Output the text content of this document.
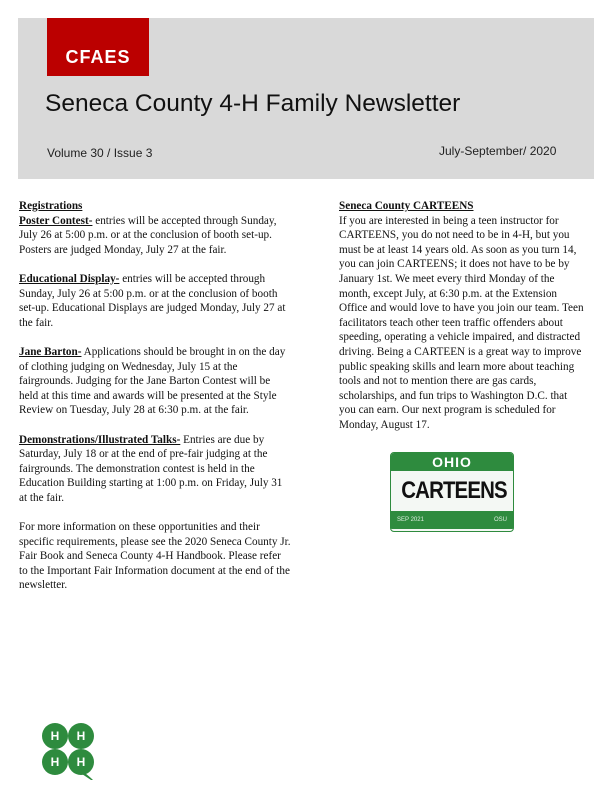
CFAES
Seneca County 4-H Family Newsletter
Volume 30 / Issue 3	July-September/ 2020
Registrations
Poster Contest- entries will be accepted through Sunday, July 26 at 5:00 p.m. or at the conclusion of booth set-up. Posters are judged Monday, July 27 at the fair.
Educational Display- entries will be accepted through Sunday, July 26 at 5:00 p.m. or at the conclusion of booth set-up. Educational Displays are judged Monday, July 27 at the fair.
Jane Barton- Applications should be brought in on the day of clothing judging on Wednesday, July 15 at the fairgrounds. Judging for the Jane Barton Contest will be held at this time and awards will be presented at the Style Review on Tuesday, July 28 at 6:30 p.m. at the fair.
Demonstrations/Illustrated Talks- Entries are due by Saturday, July 18 or at the end of pre-fair judging at the fairgrounds. The demonstration contest is held in the Education Building starting at 1:00 p.m. on Friday, July 31 at the fair.
For more information on these opportunities and their specific requirements, please see the 2020 Seneca County Jr. Fair Book and Seneca County 4-H Handbook. Please refer to the Important Fair Information document at the end of the newsletter.
Seneca County CARTEENS
If you are interested in being a teen instructor for CARTEENS, you do not need to be in 4-H, but you must be at least 14 years old. As soon as you turn 14, you can join CARTEENS; it does not have to be by January 1st. We meet every third Monday of the month, except July, at 6:30 p.m. at the Extension Office and would love to have you join our team. Teen facilitators teach other teen traffic offenders about speeding, operating a vehicle impaired, and distracted driving. Being a CARTEEN is a great way to improve public speaking skills and learn more about teaching tools and not to mention there are gas cards, scholarships, and fun trips to Washington D.C. that you can earn. Our next program is scheduled for Monday, August 17.
OHIO
CARTEENS
SEP 2021	OSU
H H
H H
